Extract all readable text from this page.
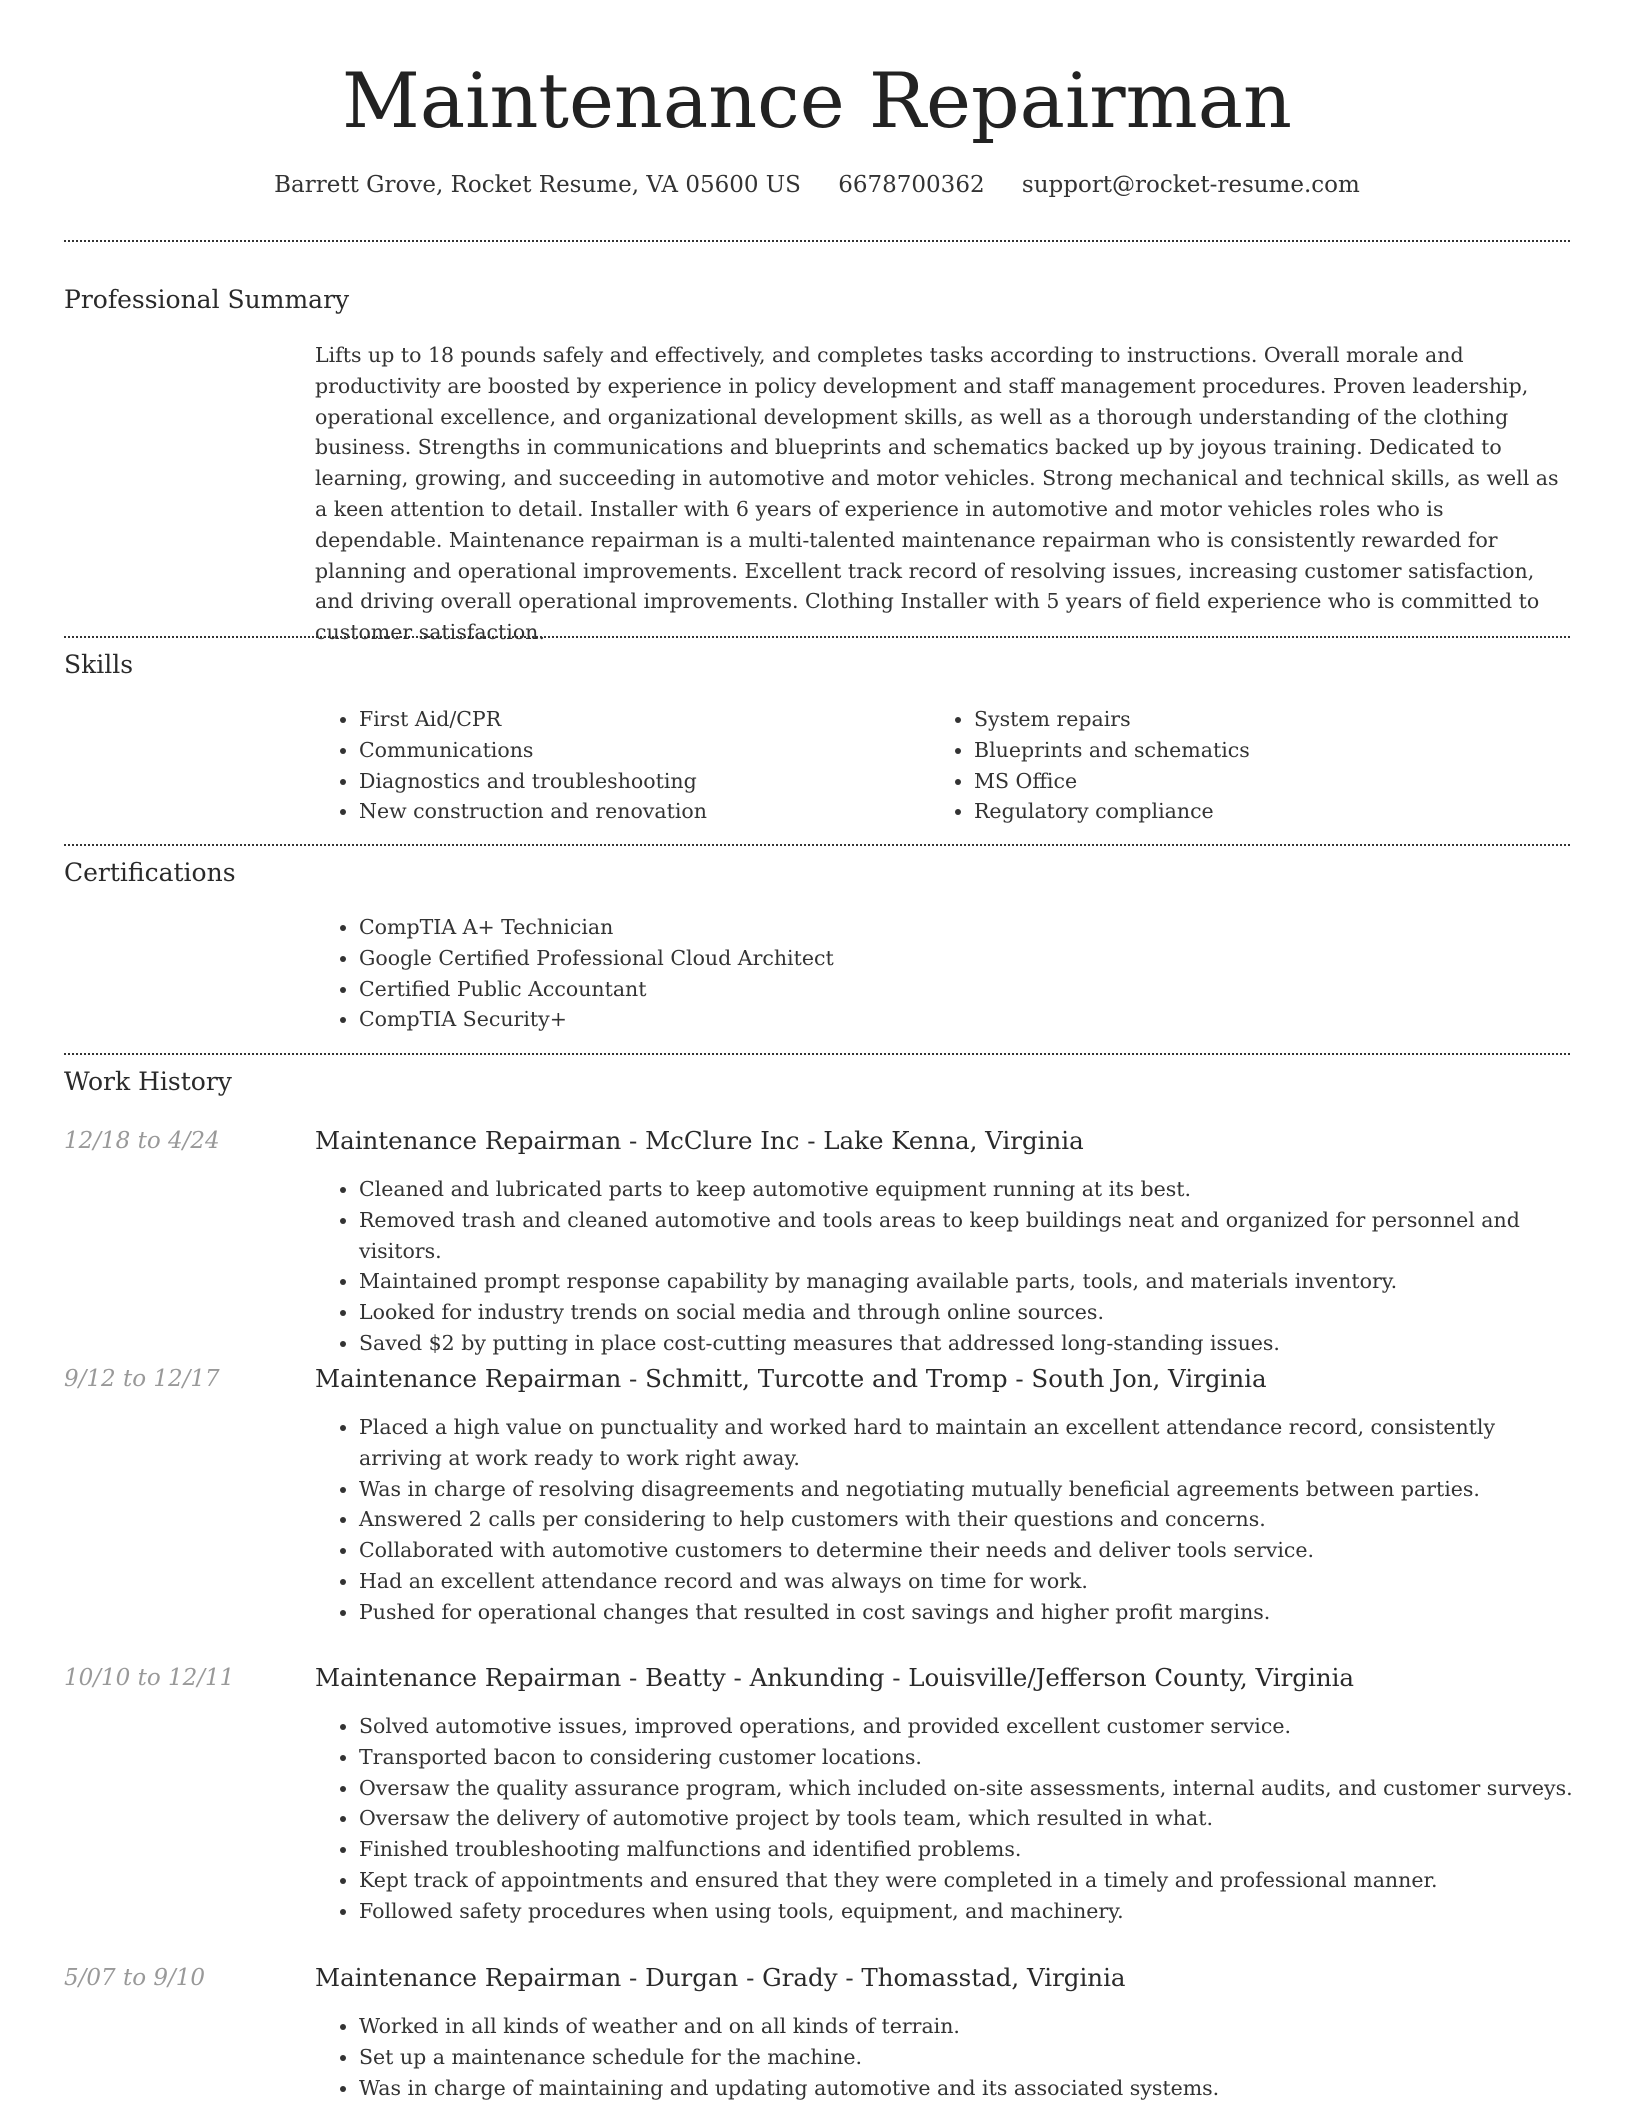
Maintenance Repairman
Barrett Grove, Rocket Resume, VA 05600 US 6678700362 support@rocket-resume.com
Professional Summary
Lifts up to 18 pounds safely and effectively, and completes tasks according to instructions. Overall morale and productivity are boosted by experience in policy development and staff management procedures. Proven leadership, operational excellence, and organizational development skills, as well as a thorough understanding of the clothing business. Strengths in communications and blueprints and schematics backed up by joyous training. Dedicated to learning, growing, and succeeding in automotive and motor vehicles. Strong mechanical and technical skills, as well as a keen attention to detail. Installer with 6 years of experience in automotive and motor vehicles roles who is dependable. Maintenance repairman is a multi-talented maintenance repairman who is consistently rewarded for planning and operational improvements. Excellent track record of resolving issues, increasing customer satisfaction, and driving overall operational improvements. Clothing Installer with 5 years of field experience who is committed to customer satisfaction.
Skills
• First Aid/CPR
• Communications
• Diagnostics and troubleshooting
• New construction and renovation
• System repairs
• Blueprints and schematics
• MS Office
• Regulatory compliance
Certifications
• CompTIA A+ Technician
• Google Certified Professional Cloud Architect
• Certified Public Accountant
• CompTIA Security+
Work History
12/18 to 4/24	Maintenance Repairman - McClure Inc - Lake Kenna, Virginia
• Cleaned and lubricated parts to keep automotive equipment running at its best.
• Removed trash and cleaned automotive and tools areas to keep buildings neat and organized for personnel and visitors.
• Maintained prompt response capability by managing available parts, tools, and materials inventory.
• Looked for industry trends on social media and through online sources.
• Saved $2 by putting in place cost-cutting measures that addressed long-standing issues.
9/12 to 12/17	Maintenance Repairman - Schmitt, Turcotte and Tromp - South Jon, Virginia
• Placed a high value on punctuality and worked hard to maintain an excellent attendance record, consistently arriving at work ready to work right away.
• Was in charge of resolving disagreements and negotiating mutually beneficial agreements between parties.
• Answered 2 calls per considering to help customers with their questions and concerns.
• Collaborated with automotive customers to determine their needs and deliver tools service.
• Had an excellent attendance record and was always on time for work.
• Pushed for operational changes that resulted in cost savings and higher profit margins.
10/10 to 12/11	Maintenance Repairman - Beatty - Ankunding - Louisville/Jefferson County, Virginia
• Solved automotive issues, improved operations, and provided excellent customer service.
• Transported bacon to considering customer locations.
• Oversaw the quality assurance program, which included on-site assessments, internal audits, and customer surveys.
• Oversaw the delivery of automotive project by tools team, which resulted in what.
• Finished troubleshooting malfunctions and identified problems.
• Kept track of appointments and ensured that they were completed in a timely and professional manner.
• Followed safety procedures when using tools, equipment, and machinery.
5/07 to 9/10	Maintenance Repairman - Durgan - Grady - Thomasstad, Virginia
• Worked in all kinds of weather and on all kinds of terrain.
• Set up a maintenance schedule for the machine.
• Was in charge of maintaining and updating automotive and its associated systems.
